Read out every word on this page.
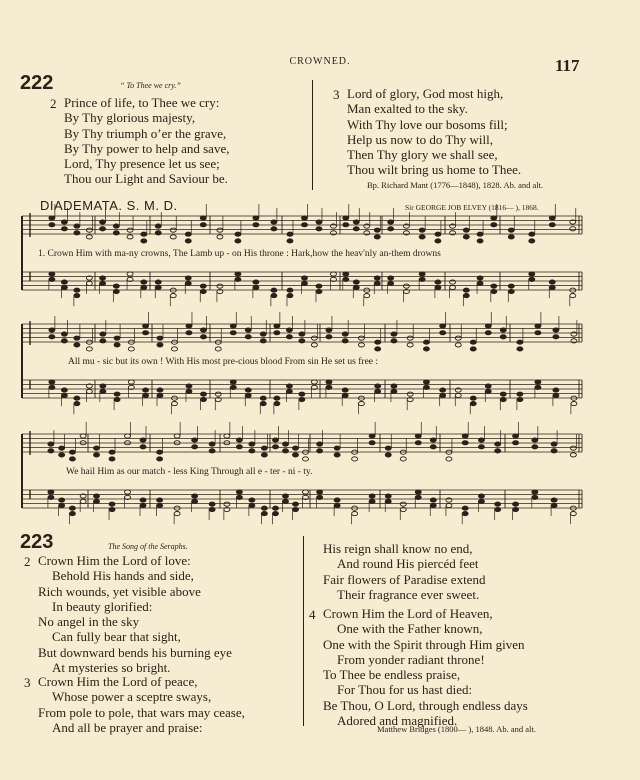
CROWNED.	117
222	“ To Thee we cry.”
2 Prince of life, to Thee we cry:
By Thy glorious majesty,
By Thy triumph o’er the grave,
By Thy power to help and save,
Lord, Thy presence let us see;
Thou our Light and Saviour be.
3 Lord of glory, God most high,
Man exalted to the sky.
With Thy love our bosoms fill;
Help us now to do Thy will,
Then Thy glory we shall see,
Thou wilt bring us home to Thee.
Bp. Richard Mant (1776—1848), 1828. Ab. and alt.
DIADEMATA. S. M. D.	Sir GEORGE JOB ELVEY (1816— ), 1868.
1. Crown Him with ma-ny crowns, The Lamb up - on His throne : Hark,how the heav'nly an-them drowns
All mu - sic but its own ! With His most pre-cious blood From sin He set us free :
We hail Him as our match - less King Through all e - ter - ni - ty.
223	The Song of the Seraphs.
2 Crown Him the Lord of love:
Behold His hands and side,
Rich wounds, yet visible above
In beauty glorified:
No angel in the sky
Can fully bear that sight,
But downward bends his burning eye
At mysteries so bright.
3 Crown Him the Lord of peace,
Whose power a sceptre sways,
From pole to pole, that wars may cease,
And all be prayer and praise:
His reign shall know no end,
And round His piercéd feet
Fair flowers of Paradise extend
Their fragrance ever sweet.
4 Crown Him the Lord of Heaven,
One with the Father known,
One with the Spirit through Him given
From yonder radiant throne!
To Thee be endless praise,
For Thou for us hast died:
Be Thou, O Lord, through endless days
Adored and magnified.
Matthew Bridges (1800— ), 1848. Ab. and alt.
